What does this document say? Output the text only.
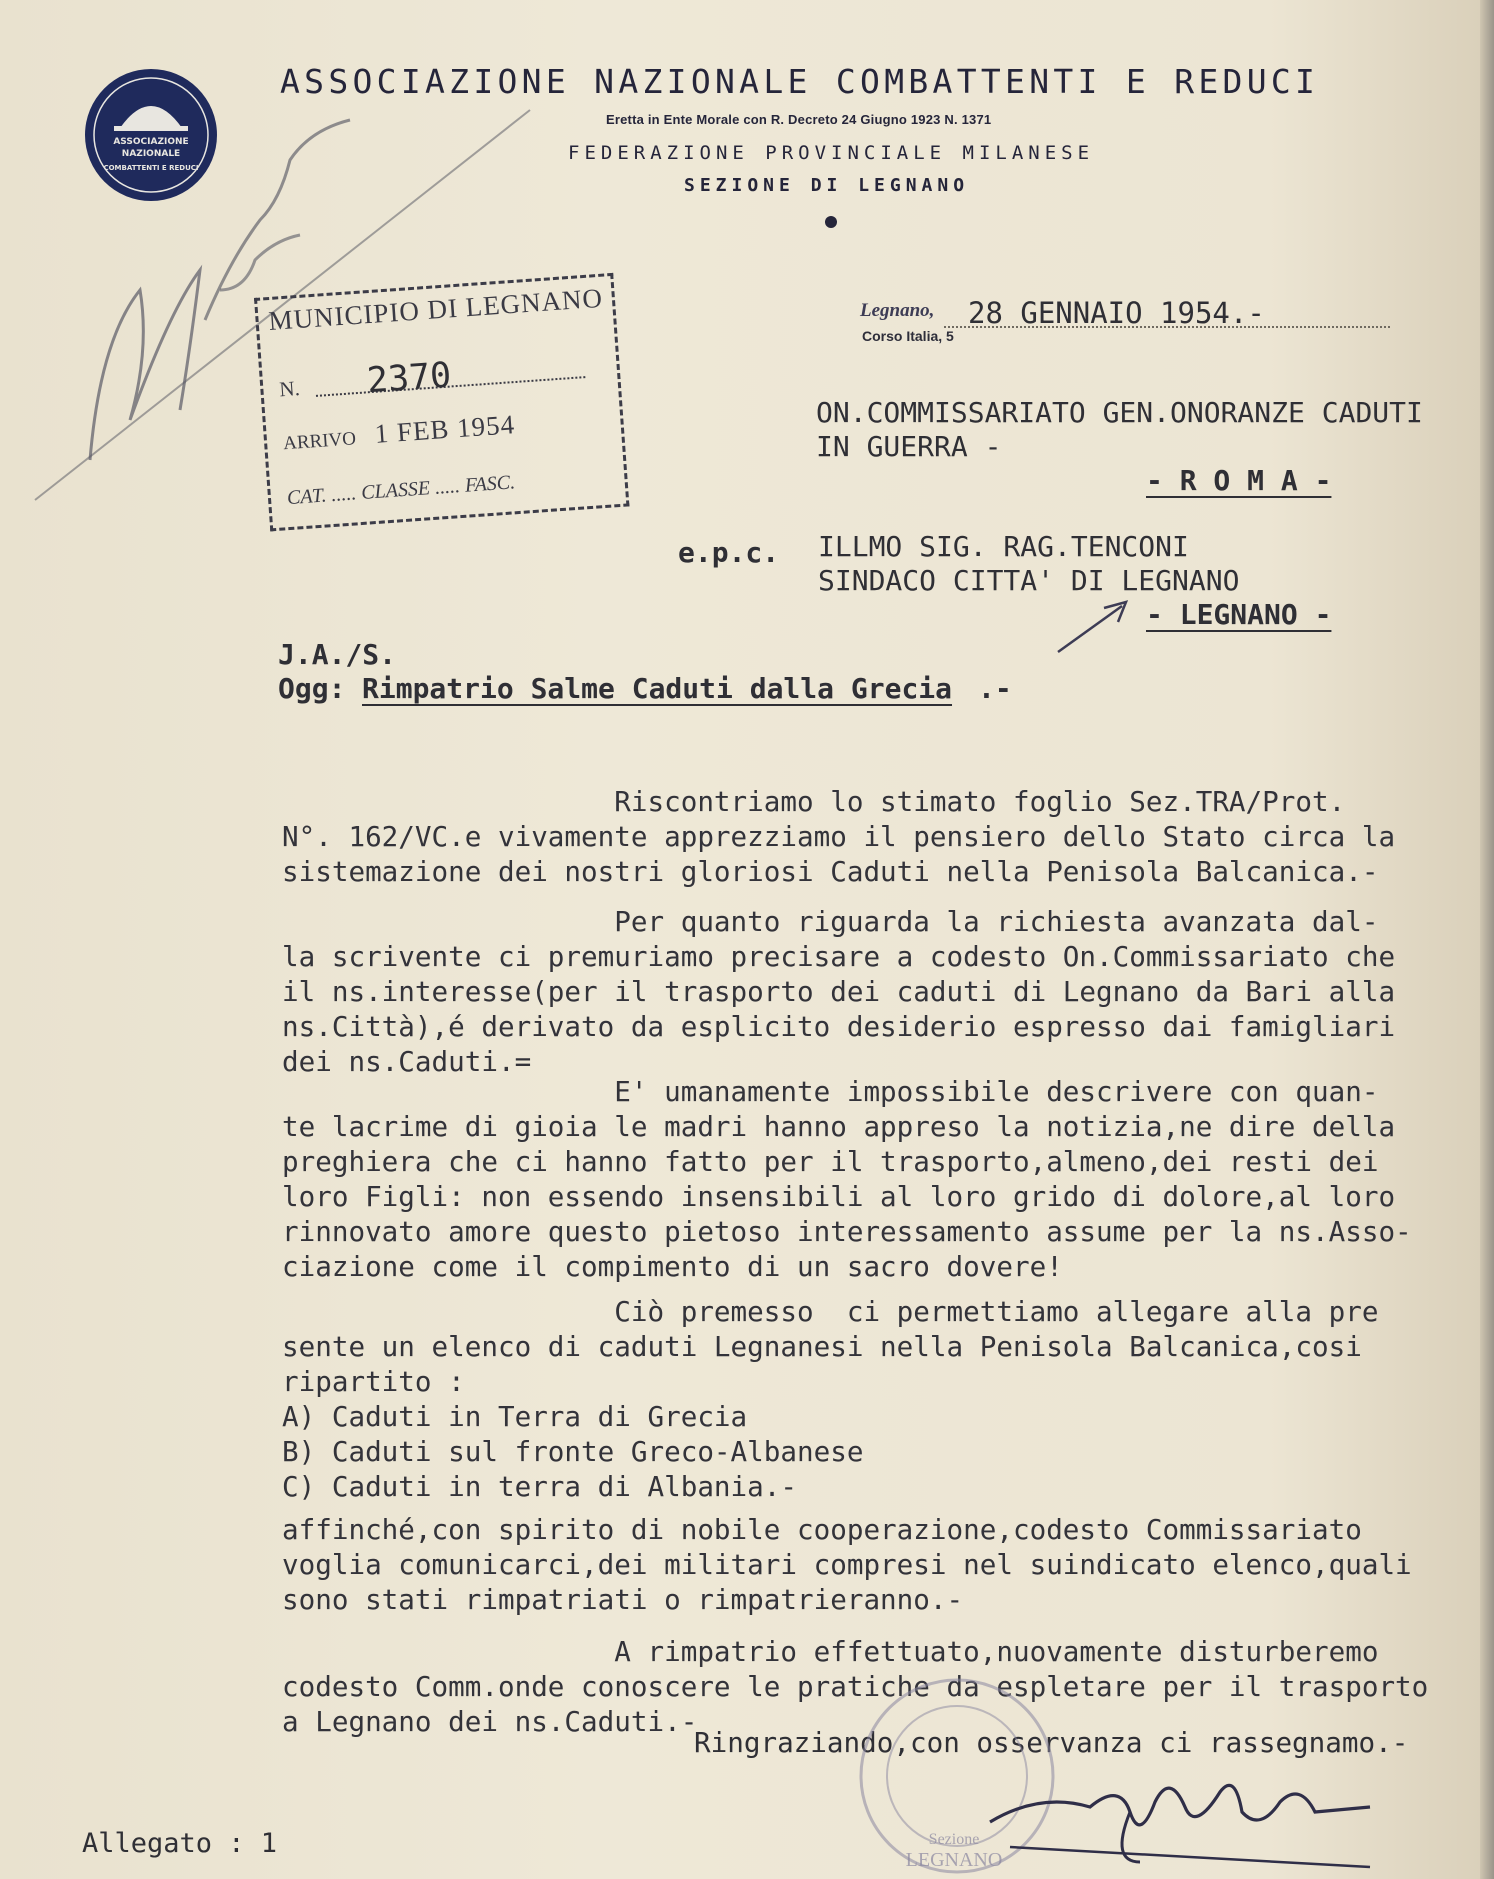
ASSOCIAZIONE
NAZIONALE
COMBATTENTI E REDUCI
ASSOCIAZIONE NAZIONALE COMBATTENTI E REDUCI
Eretta in Ente Morale con R. Decreto 24 Giugno 1923 N. 1371
FEDERAZIONE PROVINCIALE MILANESE
SEZIONE DI LEGNANO
Legnano, 28 GENNAIO 1954.-
Corso Italia, 5
MUNICIPIO DI LEGNANO
N. 2370
ARRIVO 1 FEB 1954
CAT. ..... CLASSE ..... FASC.
ON.COMMISSARIATO GEN.ONORANZE CADUTI
IN GUERRA -
- R O M A -
e.p.c. ILLMO SIG. RAG.TENCONI
SINDACO CITTA' DI LEGNANO
- LEGNANO -
J.A./S.
Ogg: Rimpatrio Salme Caduti dalla Grecia .-
Riscontriamo lo stimato foglio Sez.TRA/Prot.
N°. 162/VC.e vivamente apprezziamo il pensiero dello Stato circa la
sistemazione dei nostri gloriosi Caduti nella Penisola Balcanica.-
Per quanto riguarda la richiesta avanzata dal-
la scrivente ci premuriamo precisare a codesto On.Commissariato che
il ns.interesse(per il trasporto dei caduti di Legnano da Bari alla
ns.Città),é derivato da esplicito desiderio espresso dai famigliari
dei ns.Caduti.=
E' umanamente impossibile descrivere con quan-
te lacrime di gioia le madri hanno appreso la notizia,ne dire della
preghiera che ci hanno fatto per il trasporto,almeno,dei resti dei
loro Figli: non essendo insensibili al loro grido di dolore,al loro
rinnovato amore questo pietoso interessamento assume per la ns.Asso-
ciazione come il compimento di un sacro dovere!
Ciò premesso  ci permettiamo allegare alla pre
sente un elenco di caduti Legnanesi nella Penisola Balcanica,cosi
ripartito :
A) Caduti in Terra di Grecia
B) Caduti sul fronte Greco-Albanese
C) Caduti in terra di Albania.-
affinché,con spirito di nobile cooperazione,codesto Commissariato
voglia comunicarci,dei militari compresi nel suindicato elenco,quali
sono stati rimpatriati o rimpatrieranno.-
A rimpatrio effettuato,nuovamente disturberemo
codesto Comm.onde conoscere le pratiche da espletare per il trasporto
a Legnano dei ns.Caduti.-
Ringraziando,con osservanza ci rassegnamo.-
Sezione
LEGNANO
Allegato : 1
